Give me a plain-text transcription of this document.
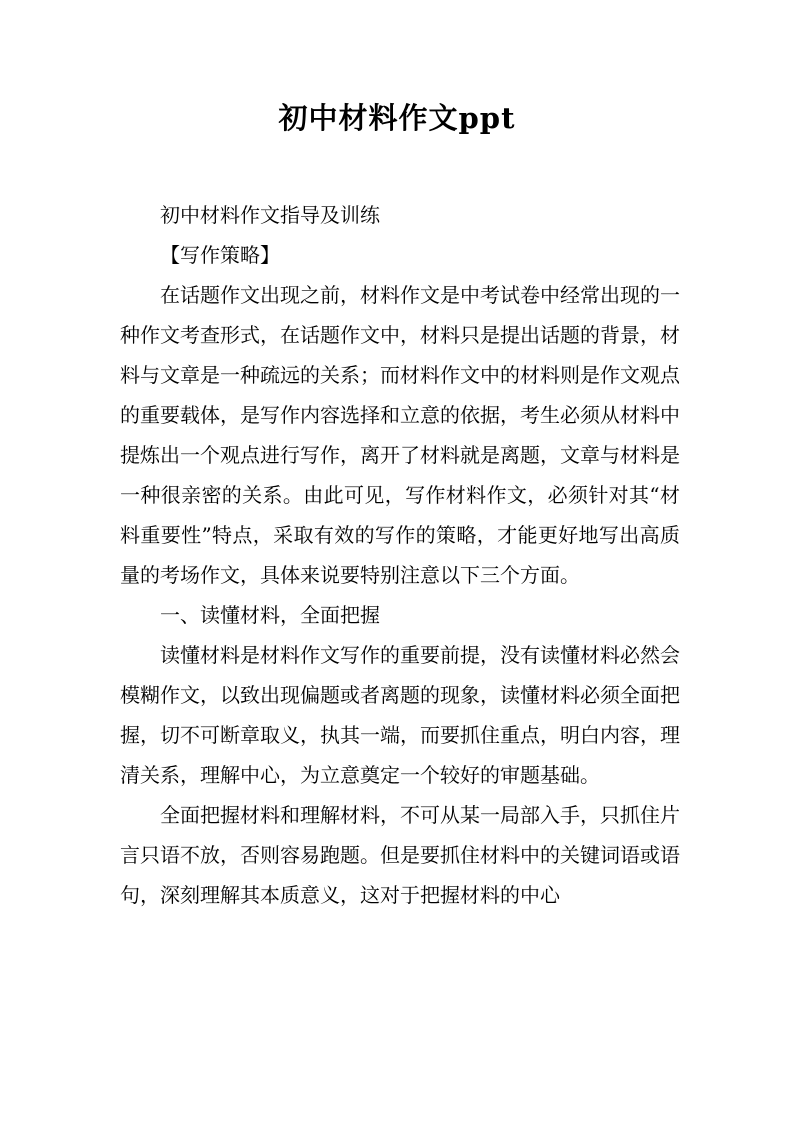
初中材料作文ppt

初中材料作文指导及训练

【写作策略】

在话题作文出现之前，材料作文是中考试卷中经常出现的一种作文考查形式，在话题作文中，材料只是提出话题的背景，材料与文章是一种疏远的关系；而材料作文中的材料则是作文观点的重要载体，是写作内容选择和立意的依据，考生必须从材料中提炼出一个观点进行写作，离开了材料就是离题，文章与材料是一种很亲密的关系。由此可见，写作材料作文，必须针对其“材料重要性”特点，采取有效的写作的策略，才能更好地写出高质量的考场作文，具体来说要特别注意以下三个方面。

一、读懂材料，全面把握

读懂材料是材料作文写作的重要前提，没有读懂材料必然会模糊作文，以致出现偏题或者离题的现象，读懂材料必须全面把握，切不可断章取义，执其一端，而要抓住重点，明白内容，理清关系，理解中心，为立意奠定一个较好的审题基础。

全面把握材料和理解材料，不可从某一局部入手，只抓住片言只语不放，否则容易跑题。但是要抓住材料中的关键词语或语句，深刻理解其本质意义，这对于把握材料的中心
